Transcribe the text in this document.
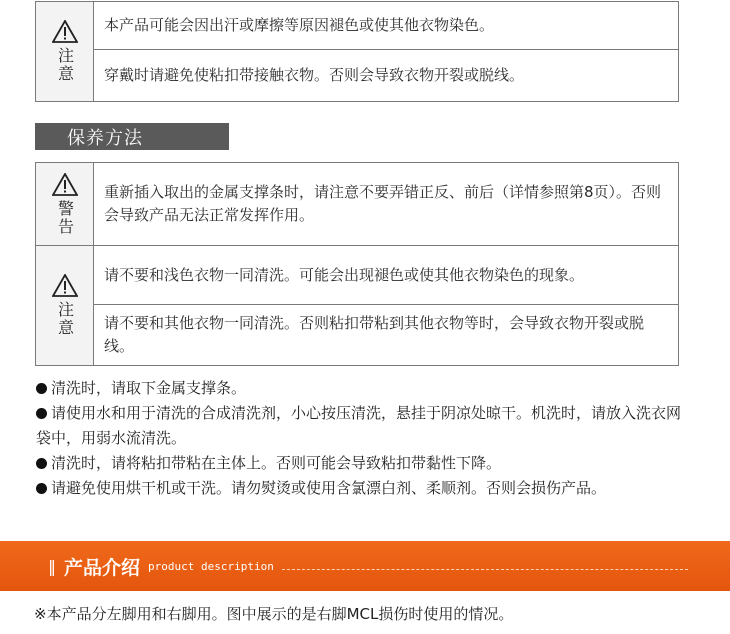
注意
本产品可能会因出汗或摩擦等原因褪色或使其他衣物染色。
穿戴时请避免使粘扣带接触衣物。否则会导致衣物开裂或脱线。
保养方法
警告
重新插入取出的金属支撑条时，请注意不要弄错正反、前后（详情参照第8页）。否则会导致产品无法正常发挥作用。
注意
请不要和浅色衣物一同清洗。可能会出现褪色或使其他衣物染色的现象。
请不要和其他衣物一同清洗。否则粘扣带粘到其他衣物等时，会导致衣物开裂或脱线。

清洗时，请取下金属支撑条。

请使用水和用于清洗的合成清洗剂，小心按压清洗，悬挂于阴凉处晾干。机洗时，请放入洗衣网袋中，用弱水流清洗。

清洗时，请将粘扣带粘在主体上。否则可能会导致粘扣带黏性下降。

请避免使用烘干机或干洗。请勿熨烫或使用含氯漂白剂、柔顺剂。否则会损伤产品。

‖ 产品介绍 product description
※本产品分左脚用和右脚用。图中展示的是右脚MCL损伤时使用的情况。
